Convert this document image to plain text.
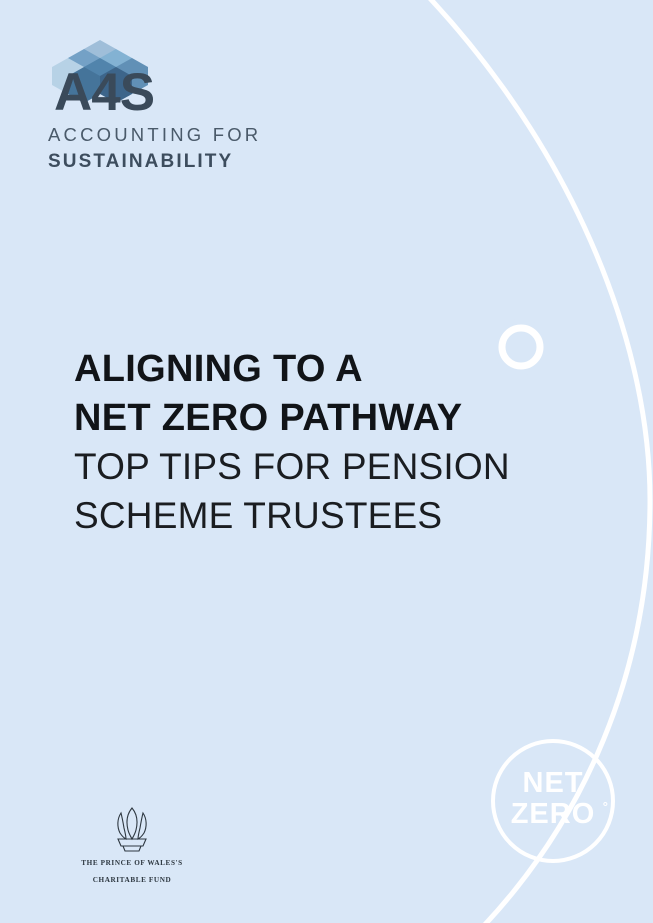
A4S
ACCOUNTING FOR
SUSTAINABILITY
ALIGNING TO A
NET ZERO PATHWAY
TOP TIPS FOR PENSION
SCHEME TRUSTEES
THE PRINCE OF WALES'S
CHARITABLE FUND
NET
ZERO °
